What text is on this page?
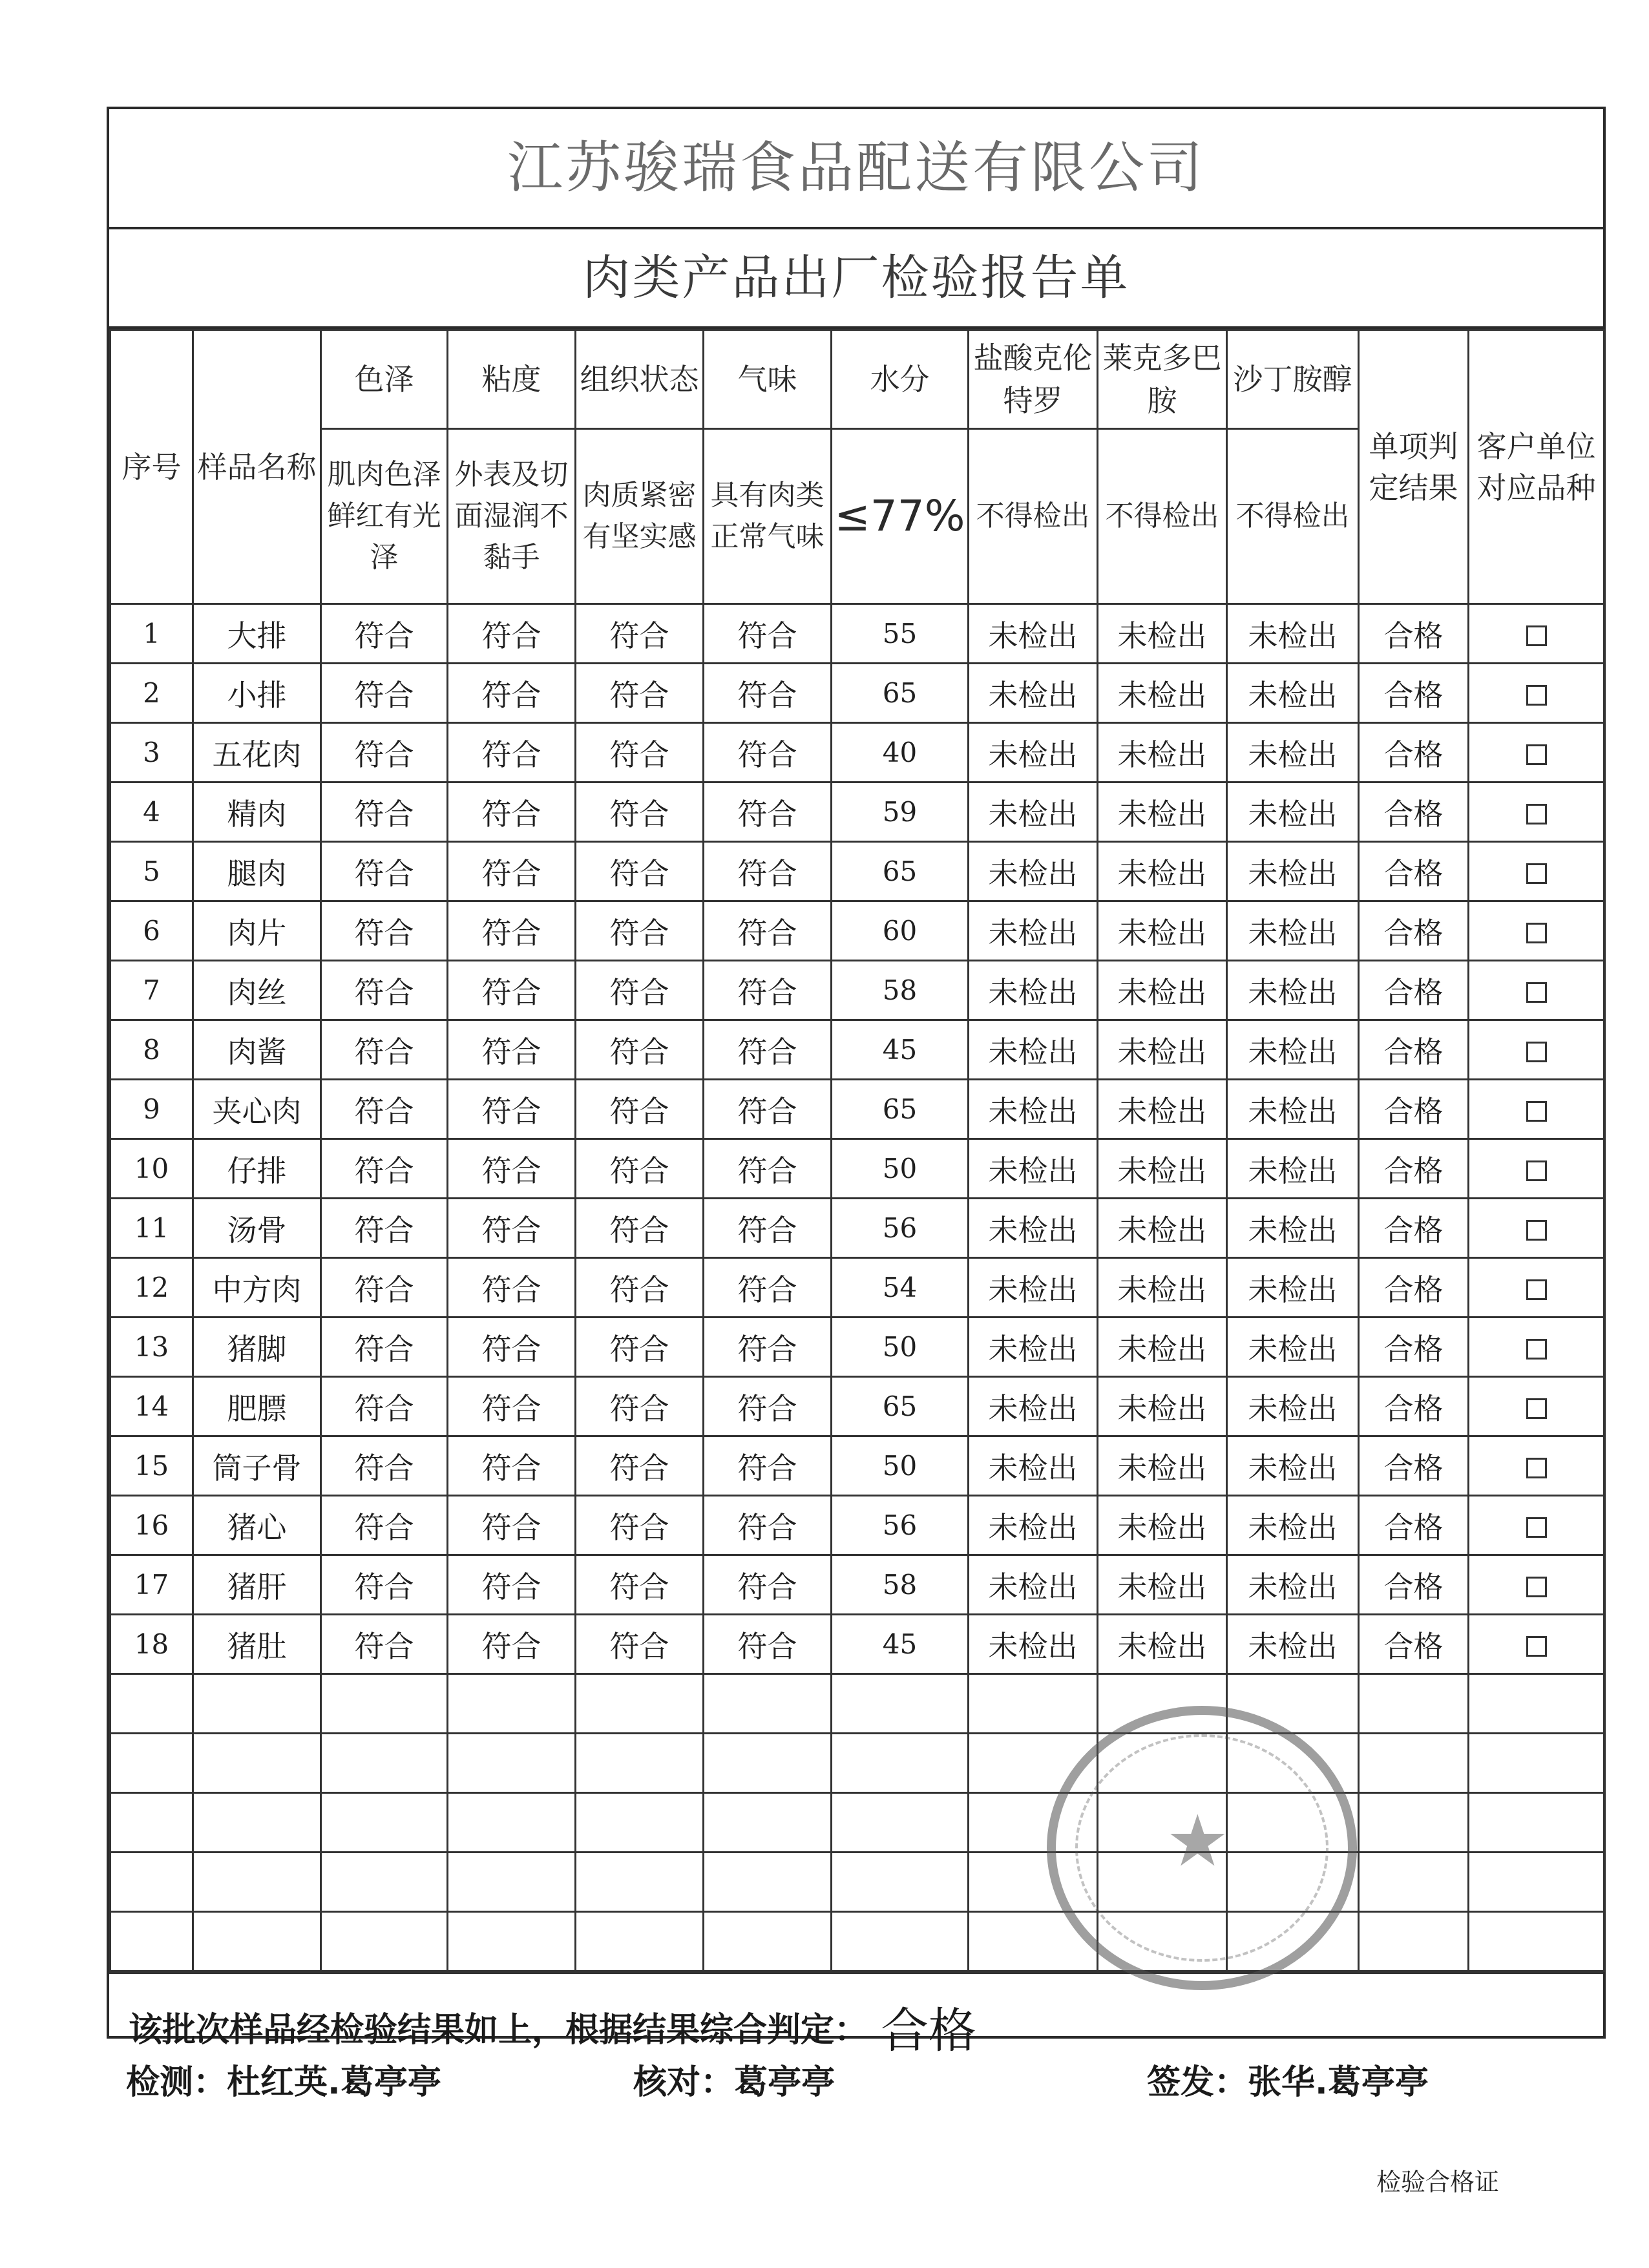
江苏骏瑞食品配送有限公司
肉类产品出厂检验报告单
序号	样品名称	色泽	粘度	组织状态	气味	水分	盐酸克伦特罗	莱克多巴胺	沙丁胺醇	单项判定结果	客户单位对应品种
		肌肉色泽鲜红有光泽	外表及切面湿润不黏手	肉质紧密有坚实感	具有肉类正常气味	≤77%	不得检出	不得检出	不得检出		
1	大排	符合	符合	符合	符合	55	未检出	未检出	未检出	合格	
2	小排	符合	符合	符合	符合	65	未检出	未检出	未检出	合格	
3	五花肉	符合	符合	符合	符合	40	未检出	未检出	未检出	合格	
4	精肉	符合	符合	符合	符合	59	未检出	未检出	未检出	合格	
5	腿肉	符合	符合	符合	符合	65	未检出	未检出	未检出	合格	
6	肉片	符合	符合	符合	符合	60	未检出	未检出	未检出	合格	
7	肉丝	符合	符合	符合	符合	58	未检出	未检出	未检出	合格	
8	肉酱	符合	符合	符合	符合	45	未检出	未检出	未检出	合格	
9	夹心肉	符合	符合	符合	符合	65	未检出	未检出	未检出	合格	
10	仔排	符合	符合	符合	符合	50	未检出	未检出	未检出	合格	
11	汤骨	符合	符合	符合	符合	56	未检出	未检出	未检出	合格	
12	中方肉	符合	符合	符合	符合	54	未检出	未检出	未检出	合格	
13	猪脚	符合	符合	符合	符合	50	未检出	未检出	未检出	合格	
14	肥膘	符合	符合	符合	符合	65	未检出	未检出	未检出	合格	
15	筒子骨	符合	符合	符合	符合	50	未检出	未检出	未检出	合格	
16	猪心	符合	符合	符合	符合	56	未检出	未检出	未检出	合格	
17	猪肝	符合	符合	符合	符合	58	未检出	未检出	未检出	合格	
18	猪肚	符合	符合	符合	符合	45	未检出	未检出	未检出	合格	

该批次样品经检验结果如上，根据结果综合判定： 合格
★
检测：杜红英.葛亭亭	核对：葛亭亭	签发：张华.葛亭亭
检验合格证
